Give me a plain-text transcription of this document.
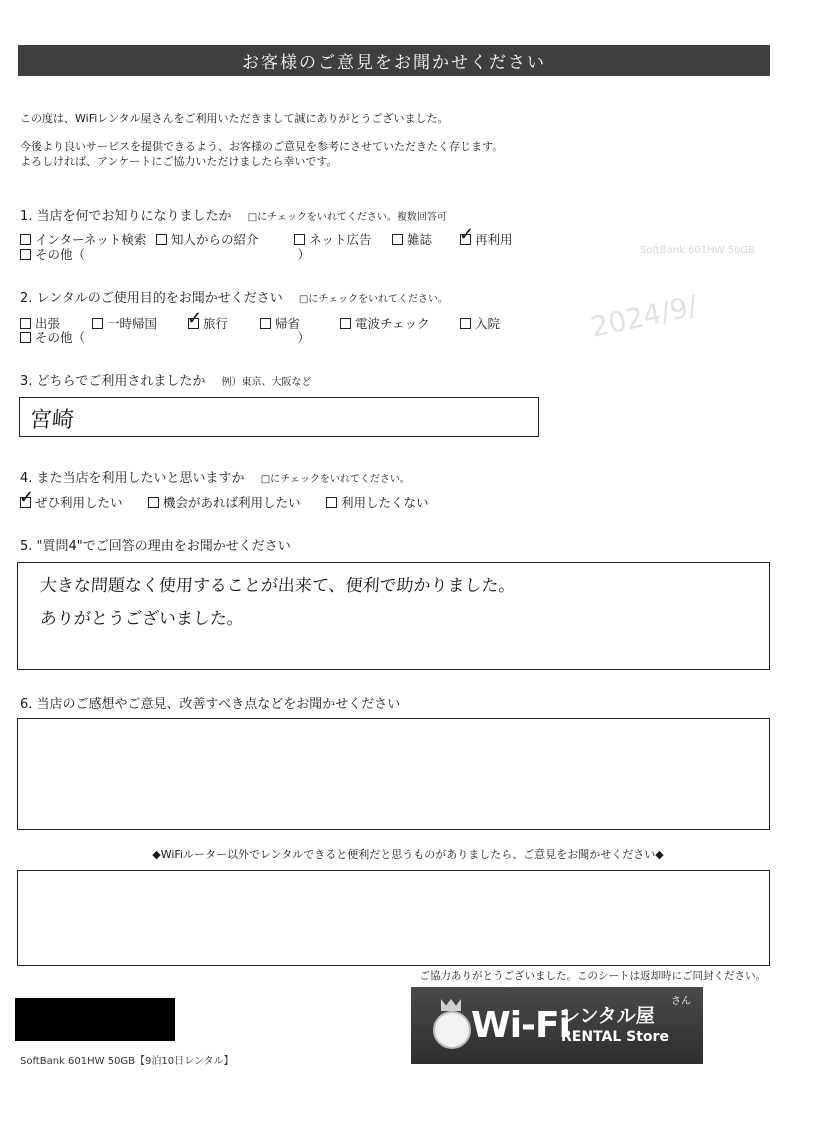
2024/9/
SoftBank 601HW 50GB
お客様のご意見をお聞かせください
この度は、WiFiレンタル屋さんをご利用いただきまして誠にありがとうございました。
今後より良いサービスを提供できるよう、お客様のご意見を参考にさせていただきたく存じます。
よろしければ、アンケートにご協力いただけましたら幸いです。
1. 当店を何でお知りになりましたか □にチェックをいれてください。複数回答可
インターネット検索 知人からの紹介	ネット広告	雑誌 ✓ 再利用
その他（　　　　　　　　　　　　　　　　　）
2. レンタルのご使用目的をお聞かせください □にチェックをいれてください。
出張	一時帰国 ✓ 旅行	帰省	電波チェック	入院
その他（　　　　　　　　　　　　　　　　　）
3. どちらでご利用されましたか 例）東京、大阪など
宮崎
4. また当店を利用したいと思いますか □にチェックをいれてください。
✓ ぜひ利用したい	機会があれば利用したい	利用したくない
5. "質問4"でご回答の理由をお聞かせください
大きな問題なく使用することが出来て、便利で助かりました。
ありがとうございました。
6. 当店のご感想やご意見、改善すべき点などをお聞かせください
◆WiFiルーター以外でレンタルできると便利だと思うものがありましたら、ご意見をお聞かせください◆
ご協力ありがとうございました。このシートは返却時にご同封ください。
SoftBank 601HW 50GB【9泊10日レンタル】
Wi-Fi
レンタル屋
さん
RENTAL Store
